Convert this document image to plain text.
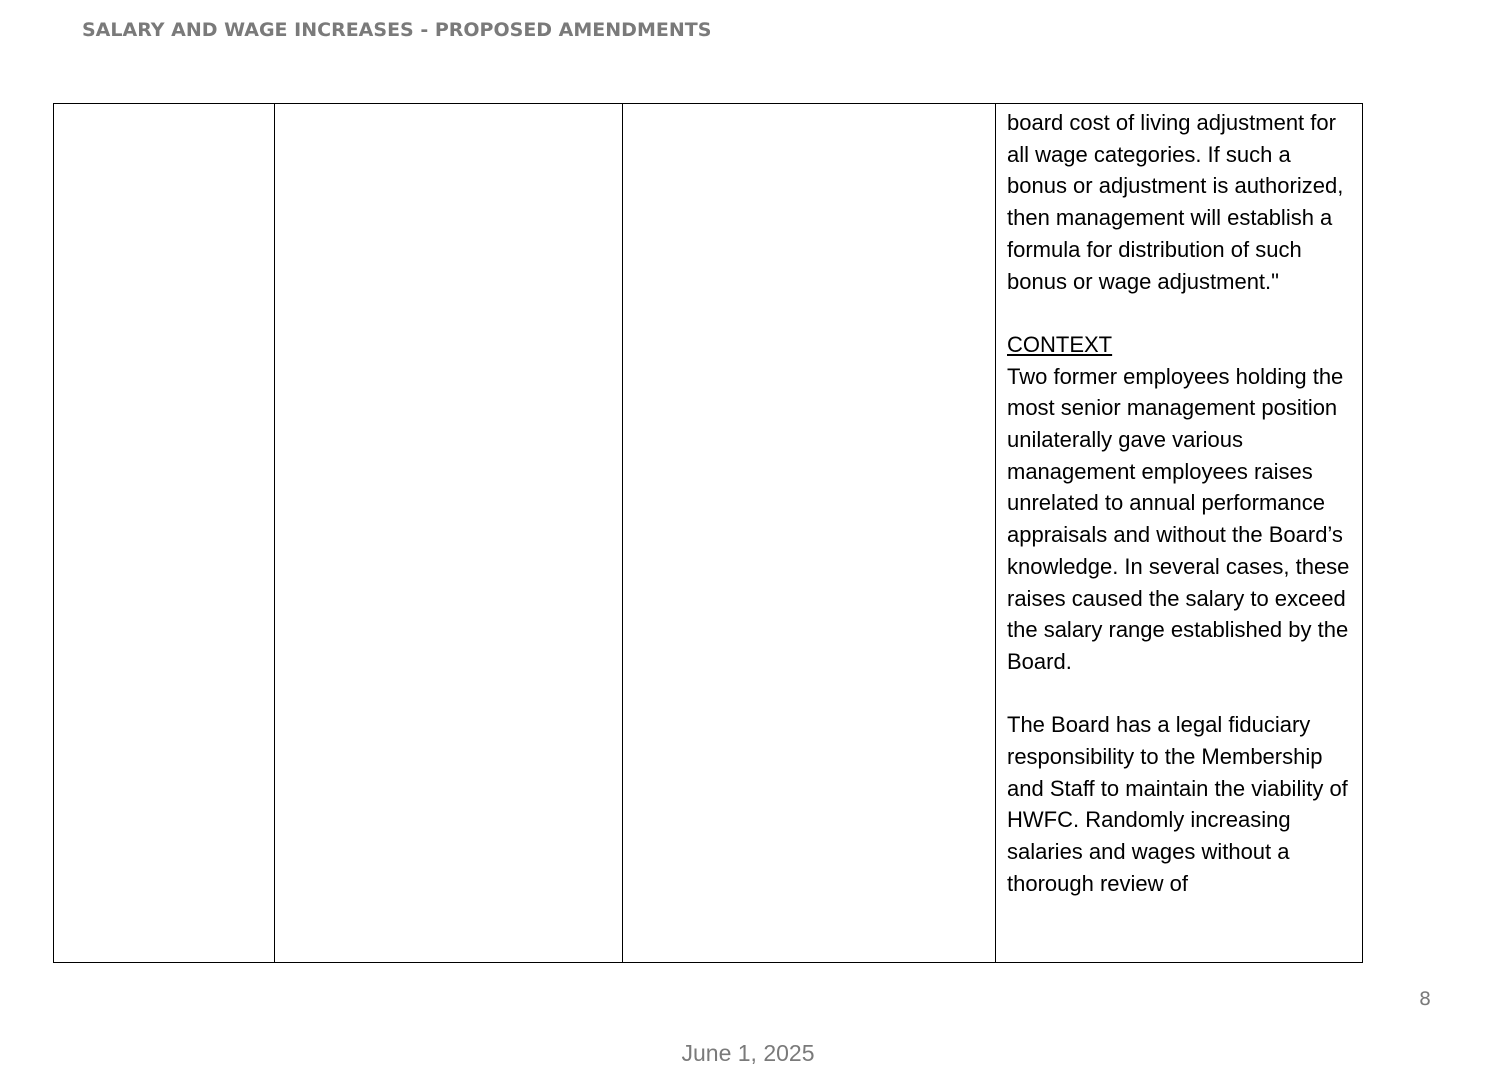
SALARY AND WAGE INCREASES - PROPOSED AMENDMENTS

board cost of living adjustment for all wage categories. If such a bonus or adjustment is authorized, then management will establish a formula for distribution of such bonus or wage adjustment."

CONTEXT

Two former employees holding the most senior management position unilaterally gave various management employees raises unrelated to annual performance appraisals and without the Board’s knowledge. In several cases, these raises caused the salary to exceed the salary range established by the Board.

The Board has a legal fiduciary responsibility to the Membership and Staff to maintain the viability of HWFC. Randomly increasing salaries and wages without a thorough review of

8
June 1, 2025
